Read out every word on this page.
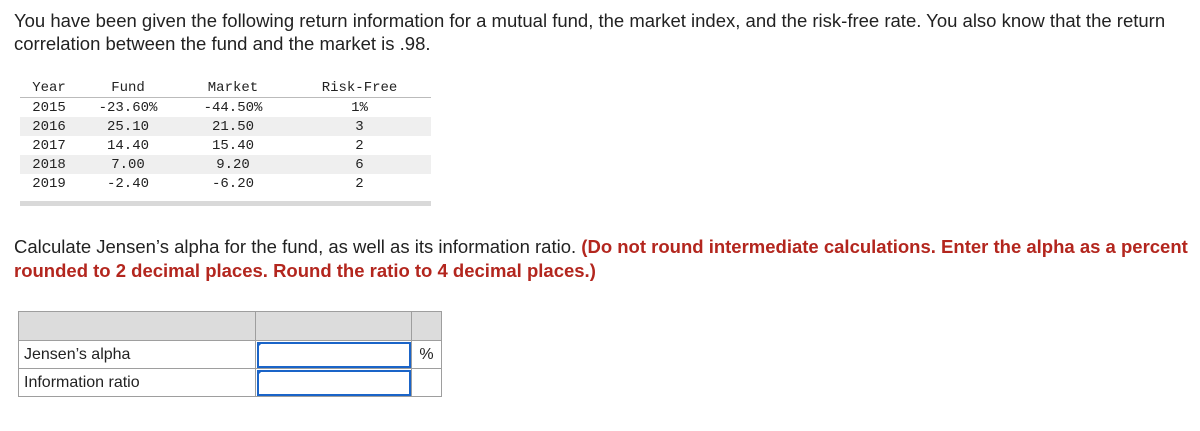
You have been given the following return information for a mutual fund, the market index, and the risk-free rate. You also know that the return correlation between the fund and the market is .98.
Year	Fund	Market	Risk-Free
2015	-23.60%	-44.50%	1%
2016	25.10	21.50	3
2017	14.40	15.40	2
2018	7.00	9.20	6
2019	-2.40	-6.20	2
Calculate Jensen’s alpha for the fund, as well as its information ratio. (Do not round intermediate calculations. Enter the alpha as a percent rounded to 2 decimal places. Round the ratio to 4 decimal places.)

Jensen’s alpha		%
Information ratio	
